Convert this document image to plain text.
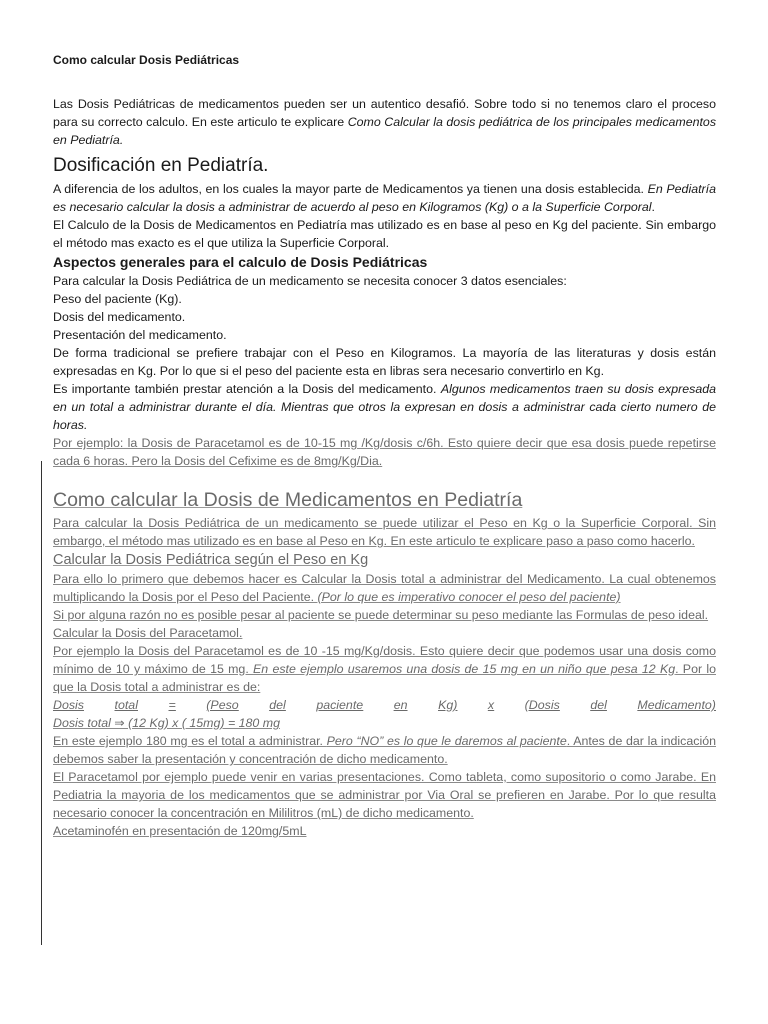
Como calcular Dosis Pediátricas

Las Dosis Pediátricas de medicamentos pueden ser un autentico desafió. Sobre todo si no tenemos claro el proceso para su correcto calculo. En este articulo te explicare Como Calcular la dosis pediátrica de los principales medicamentos en Pediatría.

Dosificación en Pediatría.

A diferencia de los adultos, en los cuales la mayor parte de Medicamentos ya tienen una dosis establecida. En Pediatría es necesario calcular la dosis a administrar de acuerdo al peso en Kilogramos (Kg) o a la Superficie Corporal.

El Calculo de la Dosis de Medicamentos en Pediatría mas utilizado es en base al peso en Kg del paciente. Sin embargo el método mas exacto es el que utiliza la Superficie Corporal.

Aspectos generales para el calculo de Dosis Pediátricas

Para calcular la Dosis Pediátrica de un medicamento se necesita conocer 3 datos esenciales:

Peso del paciente (Kg).

Dosis del medicamento.

Presentación del medicamento.

De forma tradicional se prefiere trabajar con el Peso en Kilogramos. La mayoría de las literaturas y dosis están expresadas en Kg. Por lo que si el peso del paciente esta en libras sera necesario convertirlo en Kg.

Es importante también prestar atención a la Dosis del medicamento. Algunos medicamentos traen su dosis expresada en un total a administrar durante el día. Mientras que otros la expresan en dosis a administrar cada cierto numero de horas.

Por ejemplo: la Dosis de Paracetamol es de 10-15 mg /Kg/dosis c/6h. Esto quiere decir que esa dosis puede repetirse cada 6 horas. Pero la Dosis del Cefixime es de 8mg/Kg/Dia.

Como calcular la Dosis de Medicamentos en Pediatría

Para calcular la Dosis Pediátrica de un medicamento se puede utilizar el Peso en Kg o la Superficie Corporal. Sin embargo, el método mas utilizado es en base al Peso en Kg. En este articulo te explicare paso a paso como hacerlo.

Calcular la Dosis Pediátrica según el Peso en Kg

Para ello lo primero que debemos hacer es Calcular la Dosis total a administrar del Medicamento. La cual obtenemos multiplicando la Dosis por el Peso del Paciente. (Por lo que es imperativo conocer el peso del paciente)

Si por alguna razón no es posible pesar al paciente se puede determinar su peso mediante las Formulas de peso ideal.

Calcular la Dosis del Paracetamol.

Por ejemplo la Dosis del Paracetamol es de 10 -15 mg/Kg/dosis. Esto quiere decir que podemos usar una dosis como mínimo de 10 y máximo de 15 mg. En este ejemplo usaremos una dosis de 15 mg en un niño que pesa 12 Kg. Por lo que la Dosis total a administrar es de:

Dosis total = (Peso del paciente en Kg) x (Dosis del Medicamento)

Dosis total ⇒ (12 Kg) x ( 15mg) = 180 mg

En este ejemplo 180 mg es el total a administrar. Pero “NO” es lo que le daremos al paciente. Antes de dar la indicación debemos saber la presentación y concentración de dicho medicamento.

El Paracetamol por ejemplo puede venir en varias presentaciones. Como tableta, como supositorio o como Jarabe. En Pediatria la mayoria de los medicamentos que se administrar por Via Oral se prefieren en Jarabe. Por lo que resulta necesario conocer la concentración en Mililitros (mL) de dicho medicamento.

Acetaminofén en presentación de 120mg/5mL
